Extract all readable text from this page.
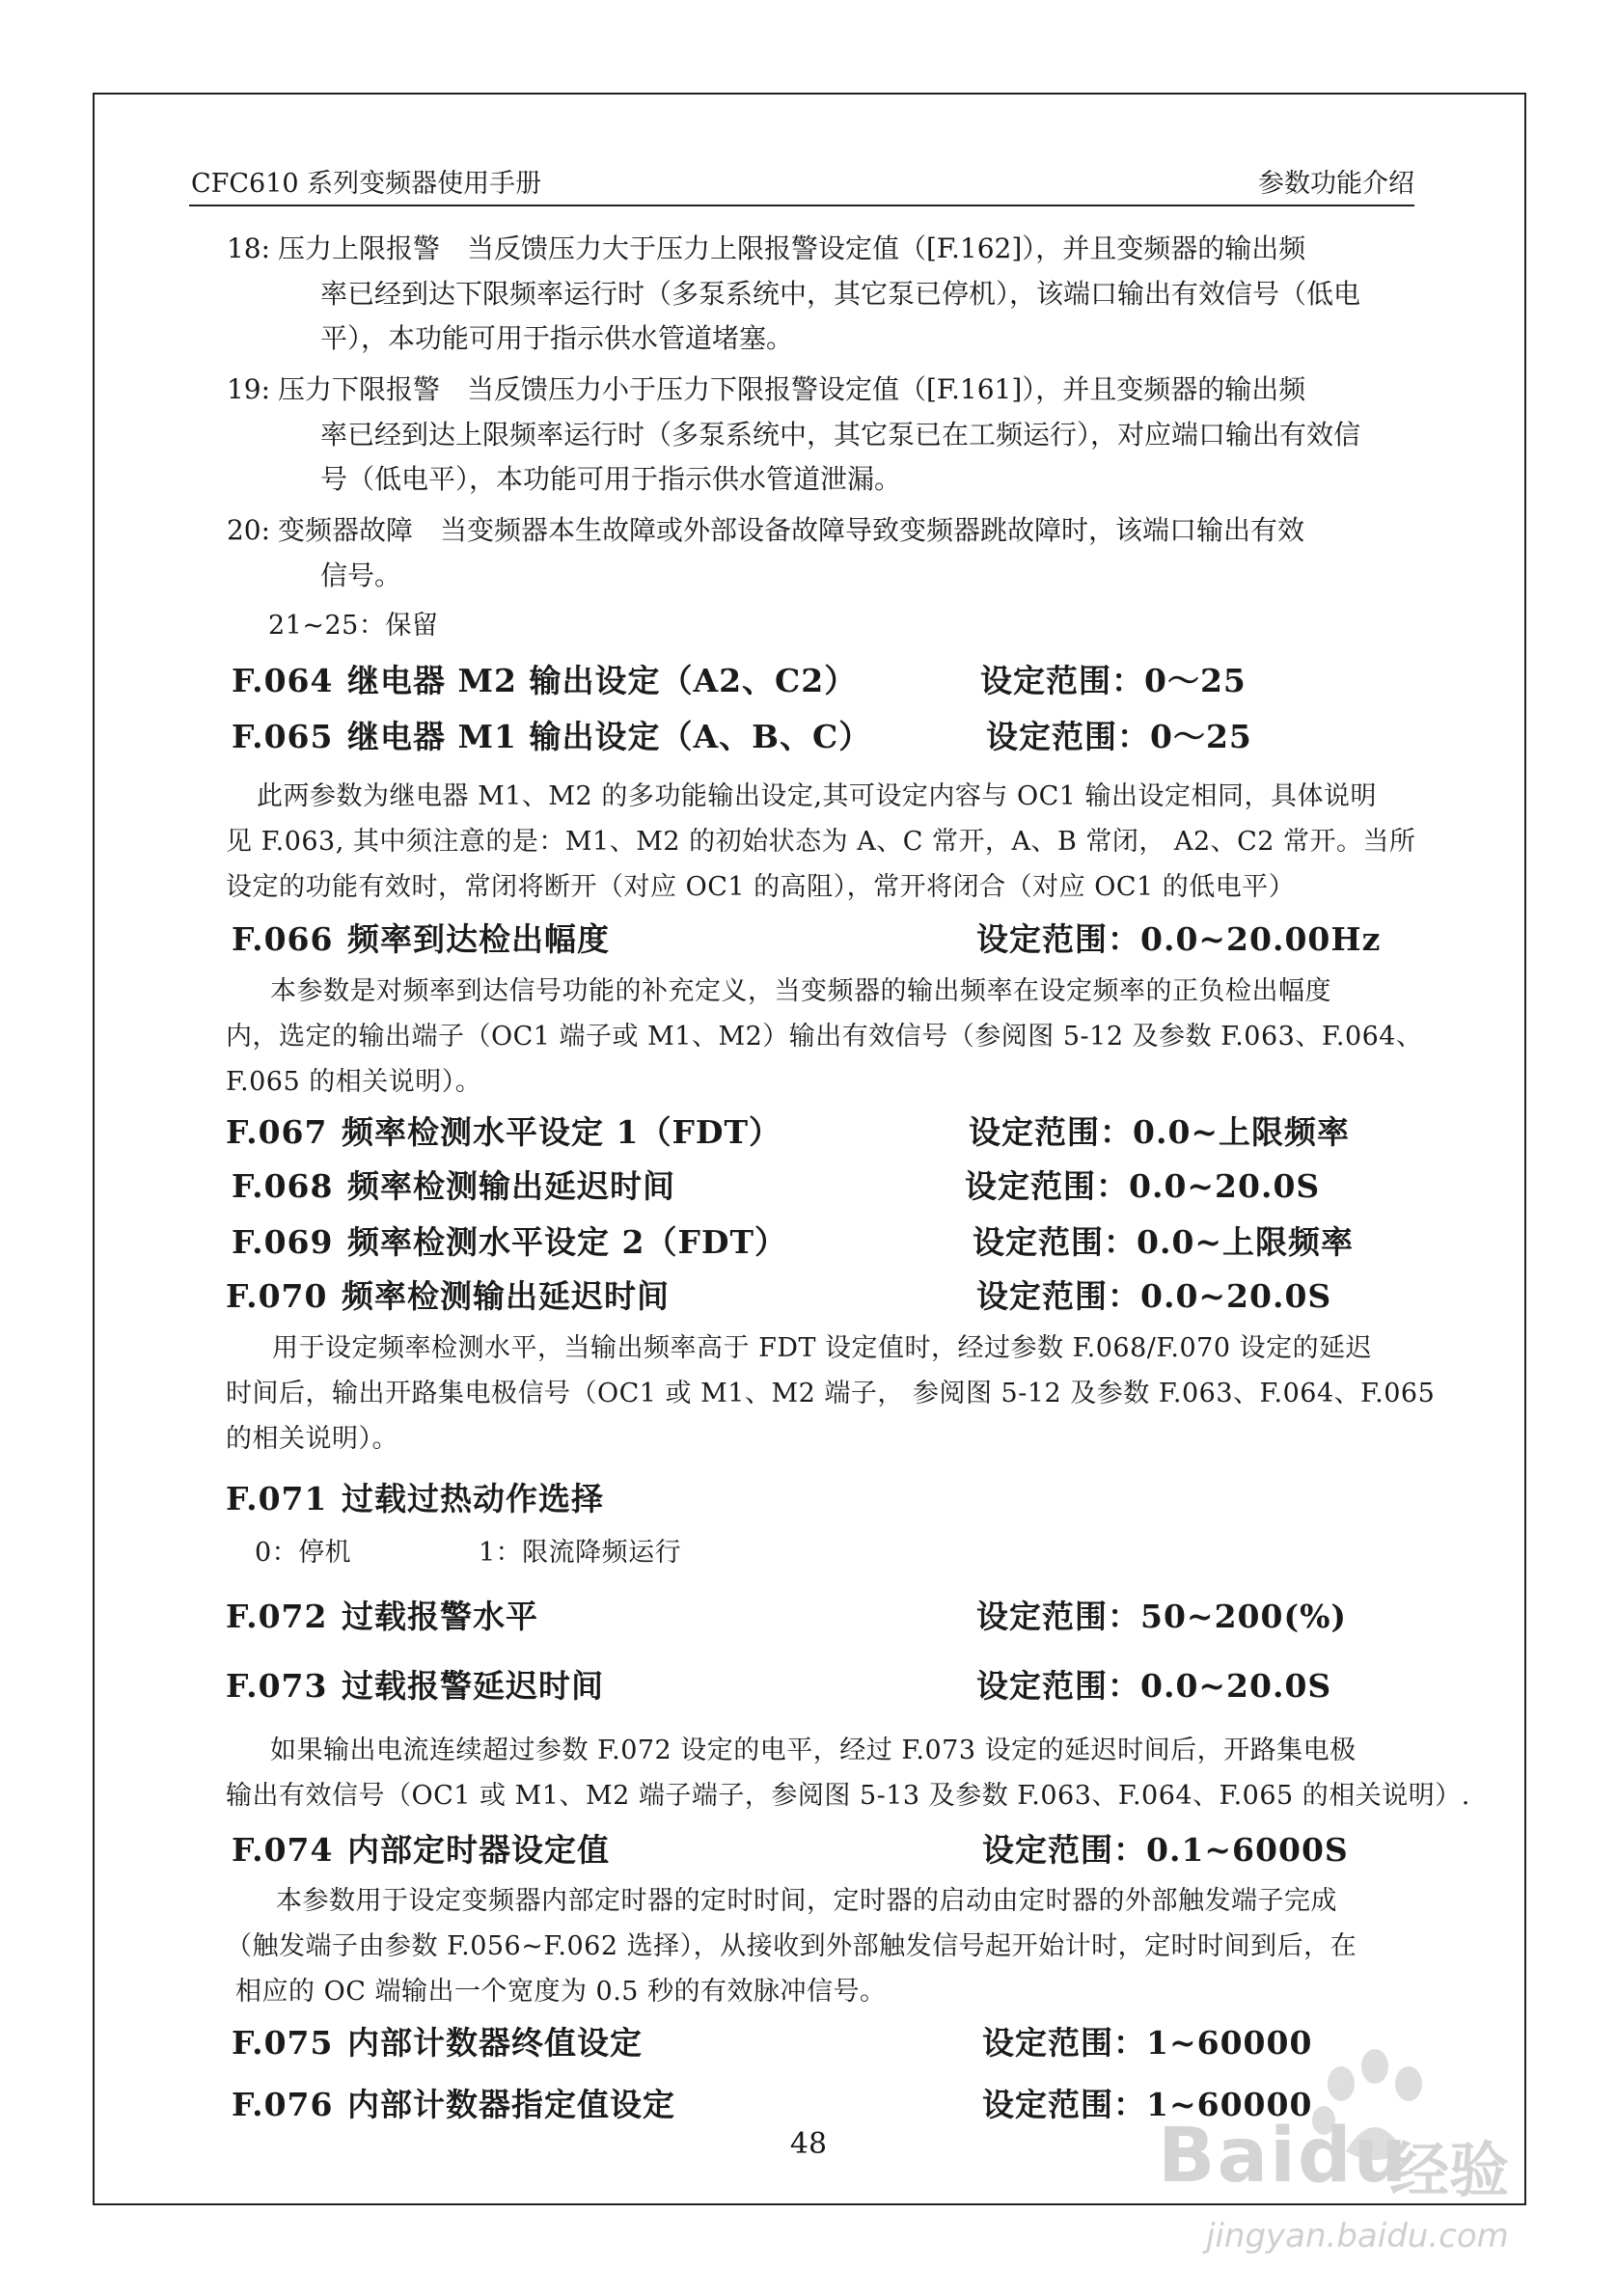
CFC610 系列变频器使用手册	参数功能介绍
18: 压力上限报警　当反馈压力大于压力上限报警设定值（[F.162]），并且变频器的输出频
率已经到达下限频率运行时（多泵系统中，其它泵已停机），该端口输出有效信号（低电
平），本功能可用于指示供水管道堵塞。
19: 压力下限报警　当反馈压力小于压力下限报警设定值（[F.161]），并且变频器的输出频
率已经到达上限频率运行时（多泵系统中，其它泵已在工频运行），对应端口输出有效信
号（低电平），本功能可用于指示供水管道泄漏。
20: 变频器故障　当变频器本生故障或外部设备故障导致变频器跳故障时，该端口输出有效
信号。
21~25：保留
F.064 继电器 M2 输出设定（A2、C2）	设定范围：0～25
F.065 继电器 M1 输出设定（A、B、C）	设定范围：0～25
此两参数为继电器 M1、M2 的多功能输出设定,其可设定内容与 OC1 输出设定相同，具体说明
见 F.063, 其中须注意的是：M1、M2 的初始状态为 A、C 常开，A、B 常闭， A2、C2 常开。当所
设定的功能有效时，常闭将断开（对应 OC1 的高阻），常开将闭合（对应 OC1 的低电平）
F.066 频率到达检出幅度	设定范围：0.0~20.00Hz
本参数是对频率到达信号功能的补充定义，当变频器的输出频率在设定频率的正负检出幅度
内，选定的输出端子（OC1 端子或 M1、M2）输出有效信号（参阅图 5-12 及参数 F.063、F.064、
F.065 的相关说明）。
F.067 频率检测水平设定 1（FDT）	设定范围：0.0~上限频率
F.068 频率检测输出延迟时间	设定范围：0.0~20.0S
F.069 频率检测水平设定 2（FDT）	设定范围：0.0~上限频率
F.070 频率检测输出延迟时间	设定范围：0.0~20.0S
用于设定频率检测水平，当输出频率高于 FDT 设定值时，经过参数 F.068/F.070 设定的延迟
时间后，输出开路集电极信号（OC1 或 M1、M2 端子， 参阅图 5-12 及参数 F.063、F.064、F.065
的相关说明）。
F.071 过载过热动作选择
0：停机	1：限流降频运行
F.072 过载报警水平	设定范围：50~200(%)
F.073 过载报警延迟时间	设定范围：0.0~20.0S
如果输出电流连续超过参数 F.072 设定的电平，经过 F.073 设定的延迟时间后，开路集电极
输出有效信号（OC1 或 M1、M2 端子端子，参阅图 5-13 及参数 F.063、F.064、F.065 的相关说明）.
F.074 内部定时器设定值	设定范围：0.1~6000S
本参数用于设定变频器内部定时器的定时时间，定时器的启动由定时器的外部触发端子完成
（触发端子由参数 F.056~F.062 选择），从接收到外部触发信号起开始计时，定时时间到后，在
相应的 OC 端输出一个宽度为 0.5 秒的有效脉冲信号。
F.075 内部计数器终值设定	设定范围：1~60000
F.076 内部计数器指定值设定	设定范围：1~60000
48	Baidu
经验
jingyan.baidu.com
